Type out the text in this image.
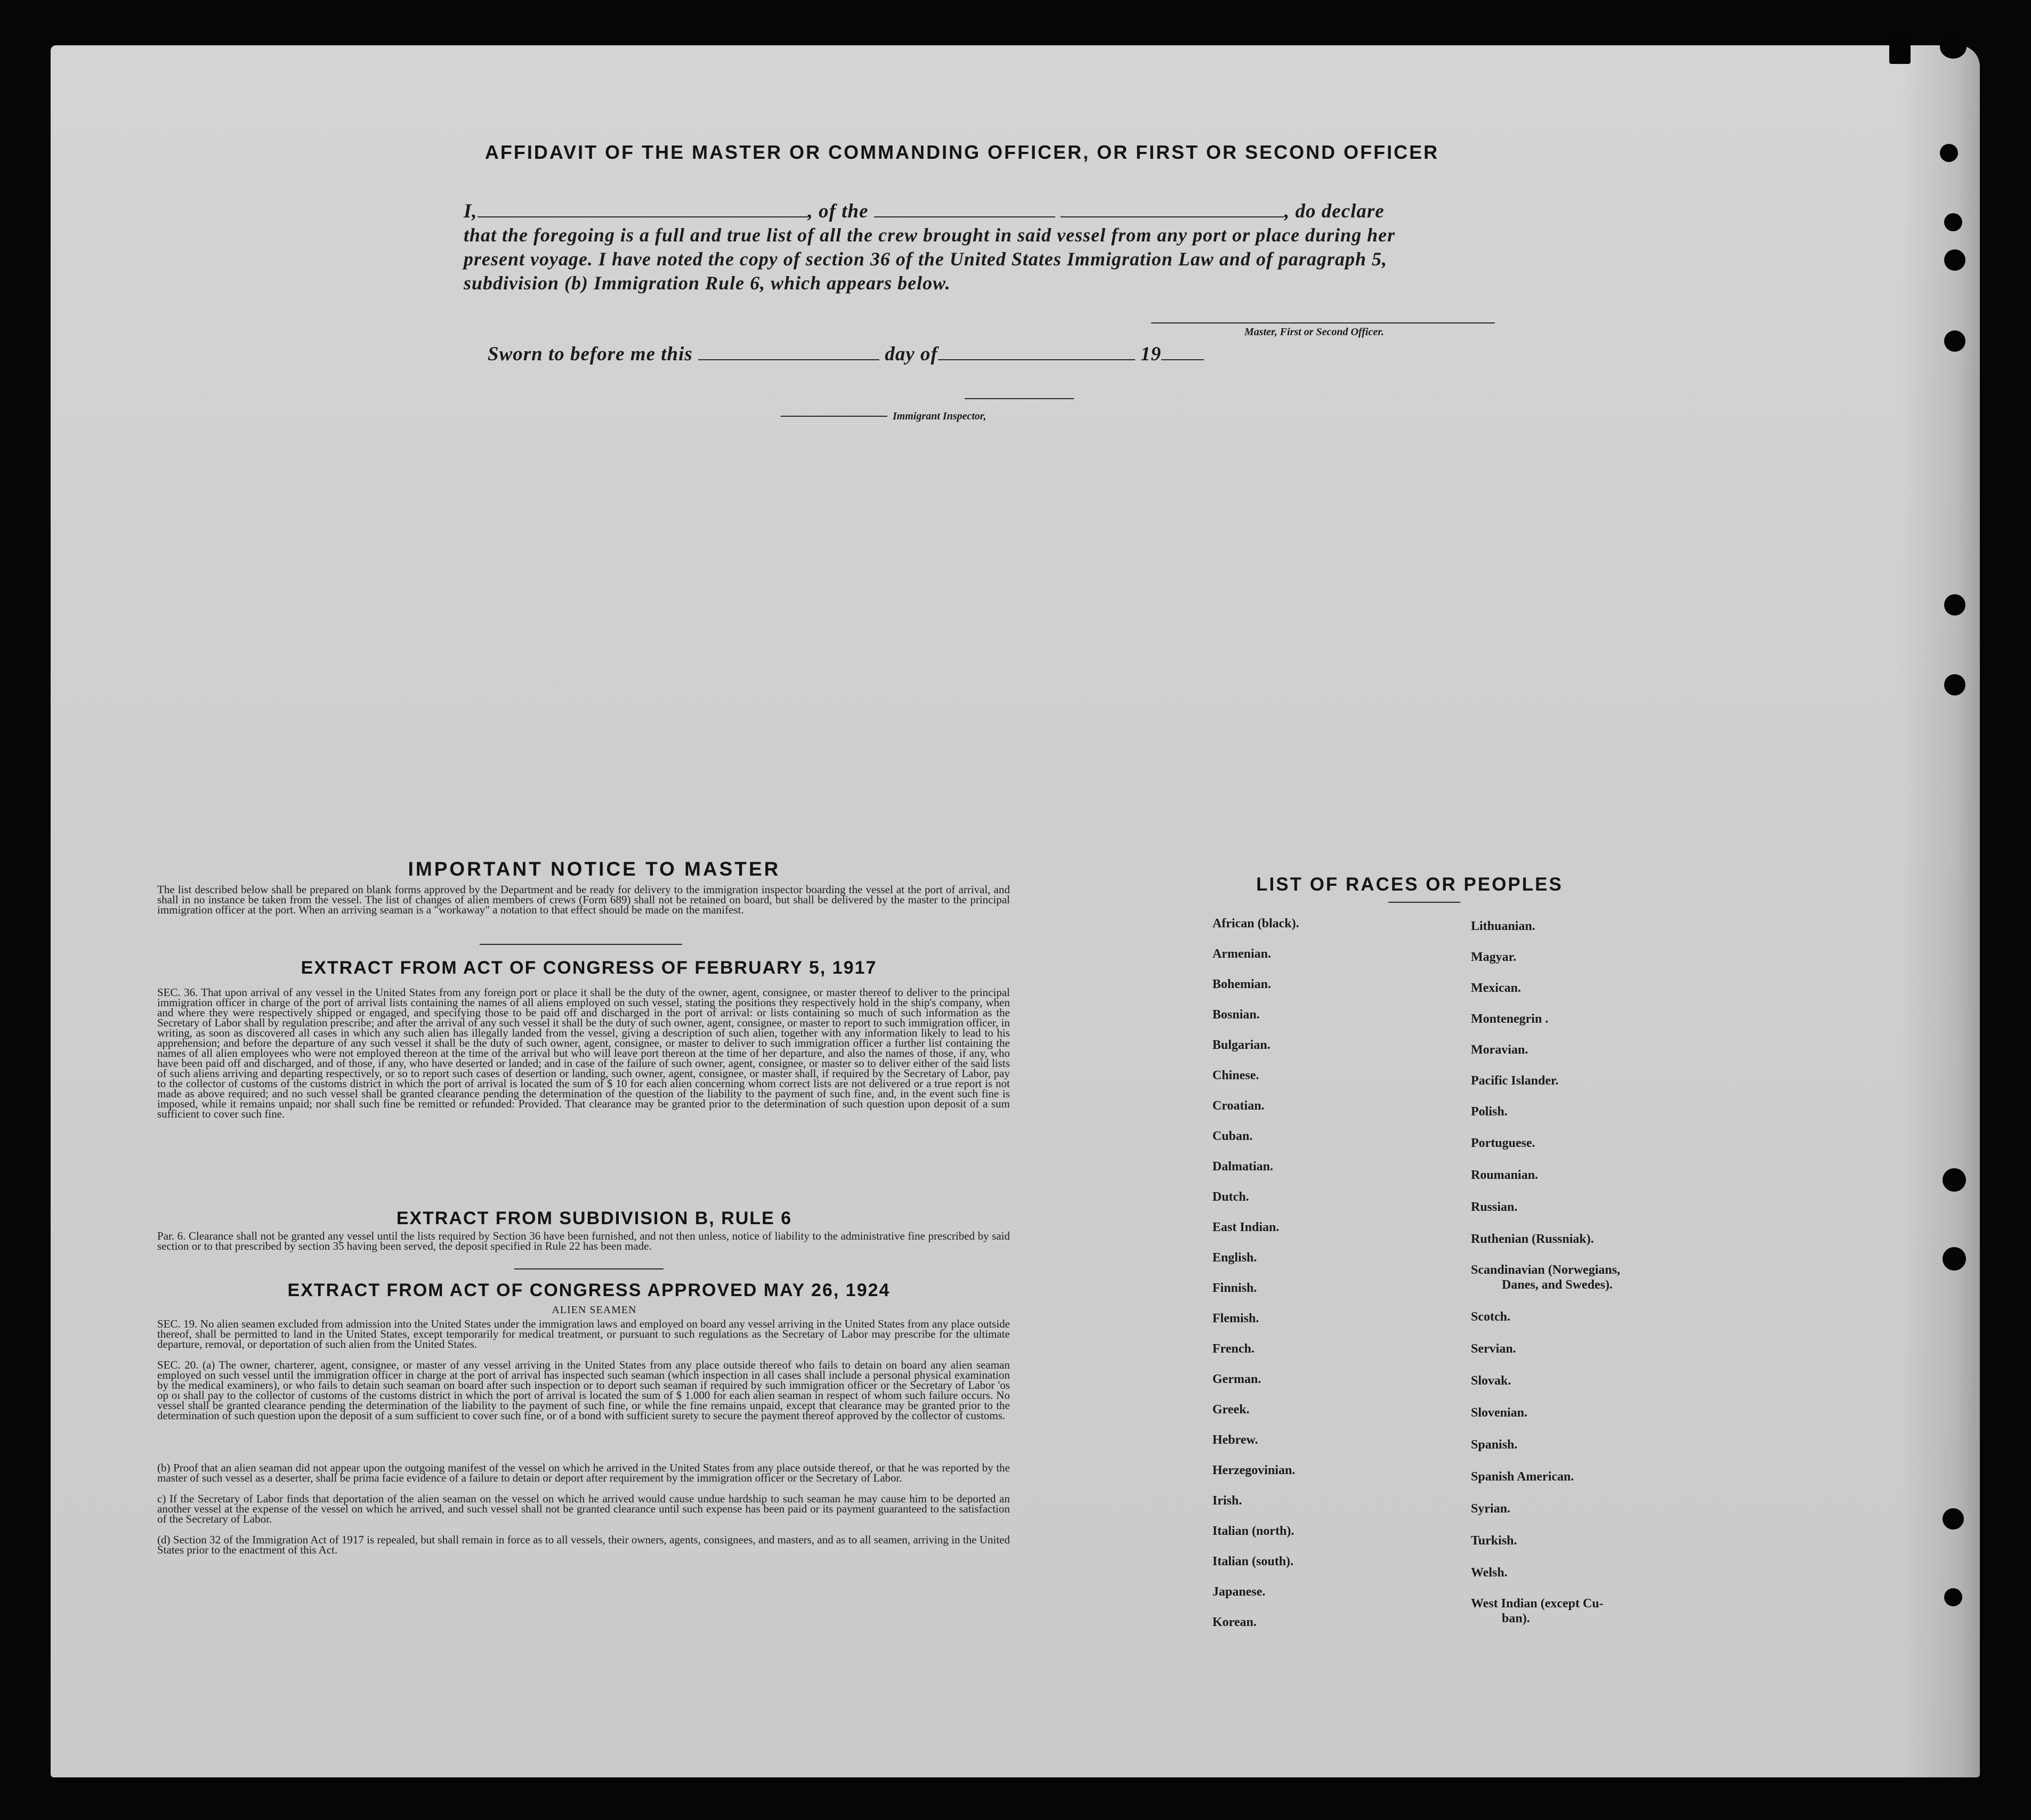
AFFIDAVIT OF THE MASTER OR COMMANDING OFFICER, OR FIRST OR SECOND OFFICER
I,	, of the	, do declare
that the foregoing is a full and true list of all the crew brought in said vessel from any port or place during her
present voyage. I have noted the copy of section 36 of the United States Immigration Law and of paragraph 5,
subdivision (b) Immigration Rule 6, which appears below.
Master, First or Second Officer.
Sworn to before me this	day of	19
Immigrant Inspector,
IMPORTANT NOTICE TO MASTER
The list described below shall be prepared on blank forms approved by the Department and be ready for delivery to the immigration inspector boarding the vessel at the port of arrival, and shall in no instance be taken from the vessel. The list of changes of alien members of crews (Form 689) shall not be retained on board, but shall be delivered by the master to the principal immigration officer at the port. When an arriving seaman is a "workaway" a notation to that effect should be made on the manifest.
EXTRACT FROM ACT OF CONGRESS OF FEBRUARY 5, 1917
SEC. 36. That upon arrival of any vessel in the United States from any foreign port or place it shall be the duty of the owner, agent, consignee, or master thereof to deliver to the principal immigration officer in charge of the port of arrival lists containing the names of all aliens employed on such vessel, stating the positions they respectively hold in the ship's company, when and where they were respectively shipped or engaged, and specifying those to be paid off and discharged in the port of arrival: or lists containing so much of such information as the Secretary of Labor shall by regulation prescribe; and after the arrival of any such vessel it shall be the duty of such owner, agent, consignee, or master to report to such immigration officer, in writing, as soon as discovered all cases in which any such alien has illegally landed from the vessel, giving a description of such alien, together with any information likely to lead to his apprehension; and before the departure of any such vessel it shall be the duty of such owner, agent, consignee, or master to deliver to such immigration officer a further list containing the names of all alien employees who were not employed thereon at the time of the arrival but who will leave port thereon at the time of her departure, and also the names of those, if any, who have been paid off and discharged, and of those, if any, who have deserted or landed; and in case of the failure of such owner, agent, consignee, or master so to deliver either of the said lists of such aliens arriving and departing respectively, or so to report such cases of desertion or landing, such owner, agent, consignee, or master shall, if required by the Secretary of Labor, pay to the collector of customs of the customs district in which the port of arrival is located the sum of $ 10 for each alien concerning whom correct lists are not delivered or a true report is not made as above required; and no such vessel shall be granted clearance pending the determination of the question of the liability to the payment of such fine, and, in the event such fine is imposed, while it remains unpaid; nor shall such fine be remitted or refunded: Provided. That clearance may be granted prior to the determination of such question upon deposit of a sum sufficient to cover such fine.
EXTRACT FROM SUBDIVISION B, RULE 6
Par. 6. Clearance shall not be granted any vessel until the lists required by Section 36 have been furnished, and not then unless, notice of liability to the administrative fine prescribed by said section or to that prescribed by section 35 having been served, the deposit specified in Rule 22 has been made.
EXTRACT FROM ACT OF CONGRESS APPROVED MAY 26, 1924
ALIEN SEAMEN
SEC. 19. No alien seamen excluded from admission into the United States under the immigration laws and employed on board any vessel arriving in the United States from any place outside thereof, shall be permitted to land in the United States, except temporarily for medical treatment, or pursuant to such regulations as the Secretary of Labor may prescribe for the ultimate departure, removal, or deportation of such alien from the United States.
SEC. 20. (a) The owner, charterer, agent, consignee, or master of any vessel arriving in the United States from any place outside thereof who fails to detain on board any alien seaman employed on such vessel until the immigration officer in charge at the port of arrival has inspected such seaman (which inspection in all cases shall include a personal physical examination by the medical examiners), or who fails to detain such seaman on board after such inspection or to deport such seaman if required by such immigration officer or the Secretary of Labor 'os op oı shall pay to the collector of customs of the customs district in which the port of arrival is located the sum of $ 1.000 for each alien seaman in respect of whom such failure occurs. No vessel shall be granted clearance pending the determination of the liability to the payment of such fine, or while the fine remains unpaid, except that clearance may be granted prior to the determination of such question upon the deposit of a sum sufficient to cover such fine, or of a bond with sufficient surety to secure the payment thereof approved by the collector of customs.
(b) Proof that an alien seaman did not appear upon the outgoing manifest of the vessel on which he arrived in the United States from any place outside thereof, or that he was reported by the master of such vessel as a deserter, shall be prima facie evidence of a failure to detain or deport after requirement by the immigration officer or the Secretary of Labor.
c) If the Secretary of Labor finds that deportation of the alien seaman on the vessel on which he arrived would cause undue hardship to such seaman he may cause him to be deported an another vessel at the expense of the vessel on which he arrived, and such vessel shall not be granted clearance until such expense has been paid or its payment guaranteed to the satisfaction of the Secretary of Labor.
(d) Section 32 of the Immigration Act of 1917 is repealed, but shall remain in force as to all vessels, their owners, agents, consignees, and masters, and as to all seamen, arriving in the United States prior to the enactment of this Act.
LIST OF RACES OR PEOPLES
African (black).
Armenian.
Bohemian.
Bosnian.
Bulgarian.
Chinese.
Croatian.
Cuban.
Dalmatian.
Dutch.
East Indian.
English.
Finnish.
Flemish.
French.
German.
Greek.
Hebrew.
Herzegovinian.
Irish.
Italian (north).
Italian (south).
Japanese.
Korean.
Lithuanian.
Magyar.
Mexican.
Montenegrin .
Moravian.
Pacific Islander.
Polish.
Portuguese.
Roumanian.
Russian.
Ruthenian (Russniak).
Scandinavian (Norwegians,
Danes, and Swedes).
Scotch.
Servian.
Slovak.
Slovenian.
Spanish.
Spanish American.
Syrian.
Turkish.
Welsh.
West Indian (except Cu-
ban).
